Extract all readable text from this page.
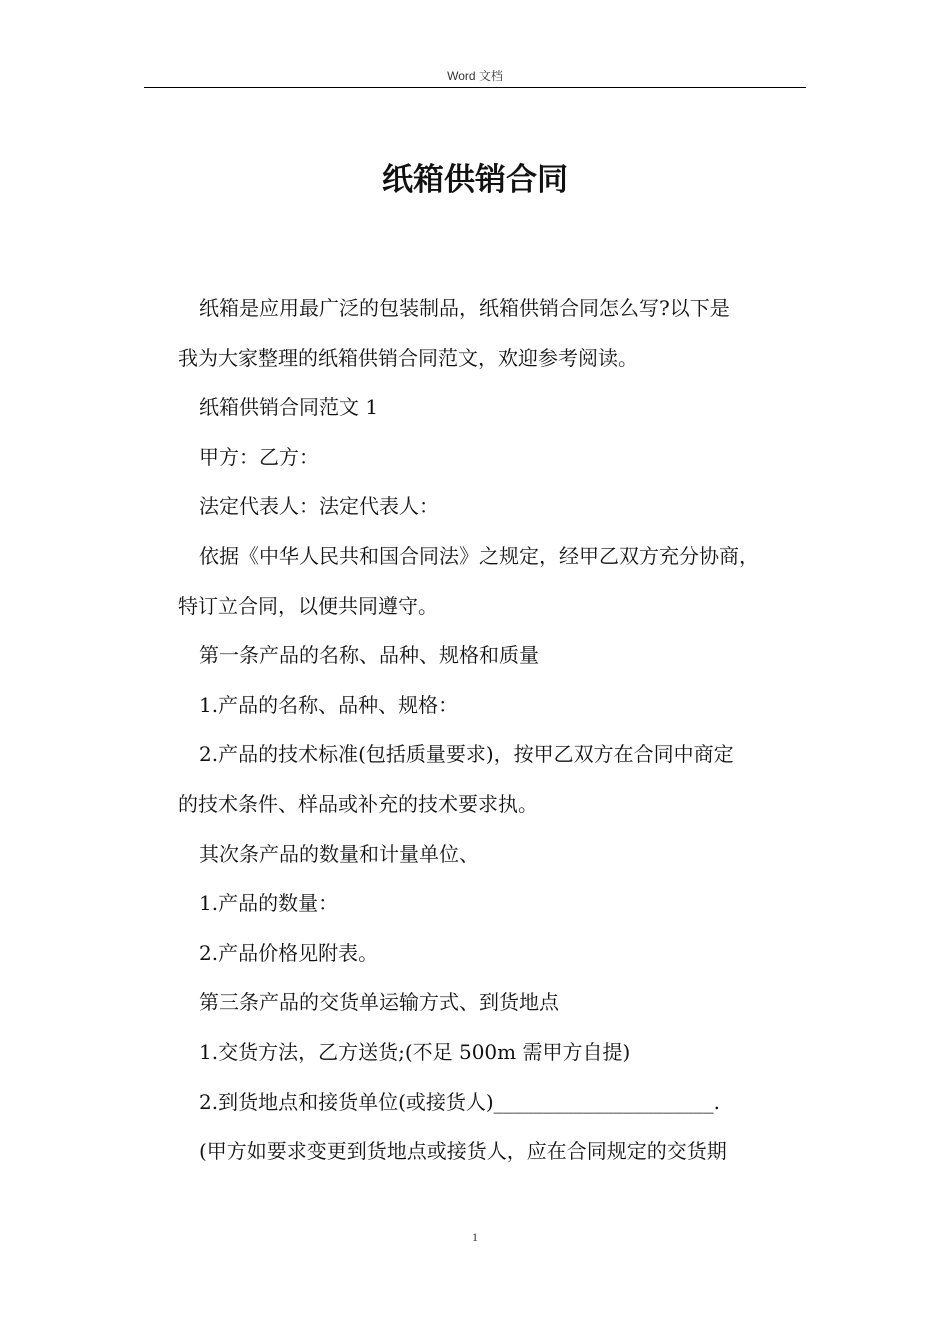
Word 文档
纸箱供销合同
纸箱是应用最广泛的包装制品，纸箱供销合同怎么写?以下是
我为大家整理的纸箱供销合同范文，欢迎参考阅读。
纸箱供销合同范文 1
甲方：乙方：
法定代表人：法定代表人：
依据《中华人民共和国合同法》之规定，经甲乙双方充分协商，
特订立合同，以便共同遵守。
第一条产品的名称、品种、规格和质量
1.产品的名称、品种、规格：
2.产品的技术标准(包括质量要求)，按甲乙双方在合同中商定
的技术条件、样品或补充的技术要求执。
其次条产品的数量和计量单位、
1.产品的数量：
2.产品价格见附表。
第三条产品的交货单运输方式、到货地点
1.交货方法，乙方送货;(不足 500m 需甲方自提)
2.到货地点和接货单位(或接货人)______________________.
(甲方如要求变更到货地点或接货人，应在合同规定的交货期
1
